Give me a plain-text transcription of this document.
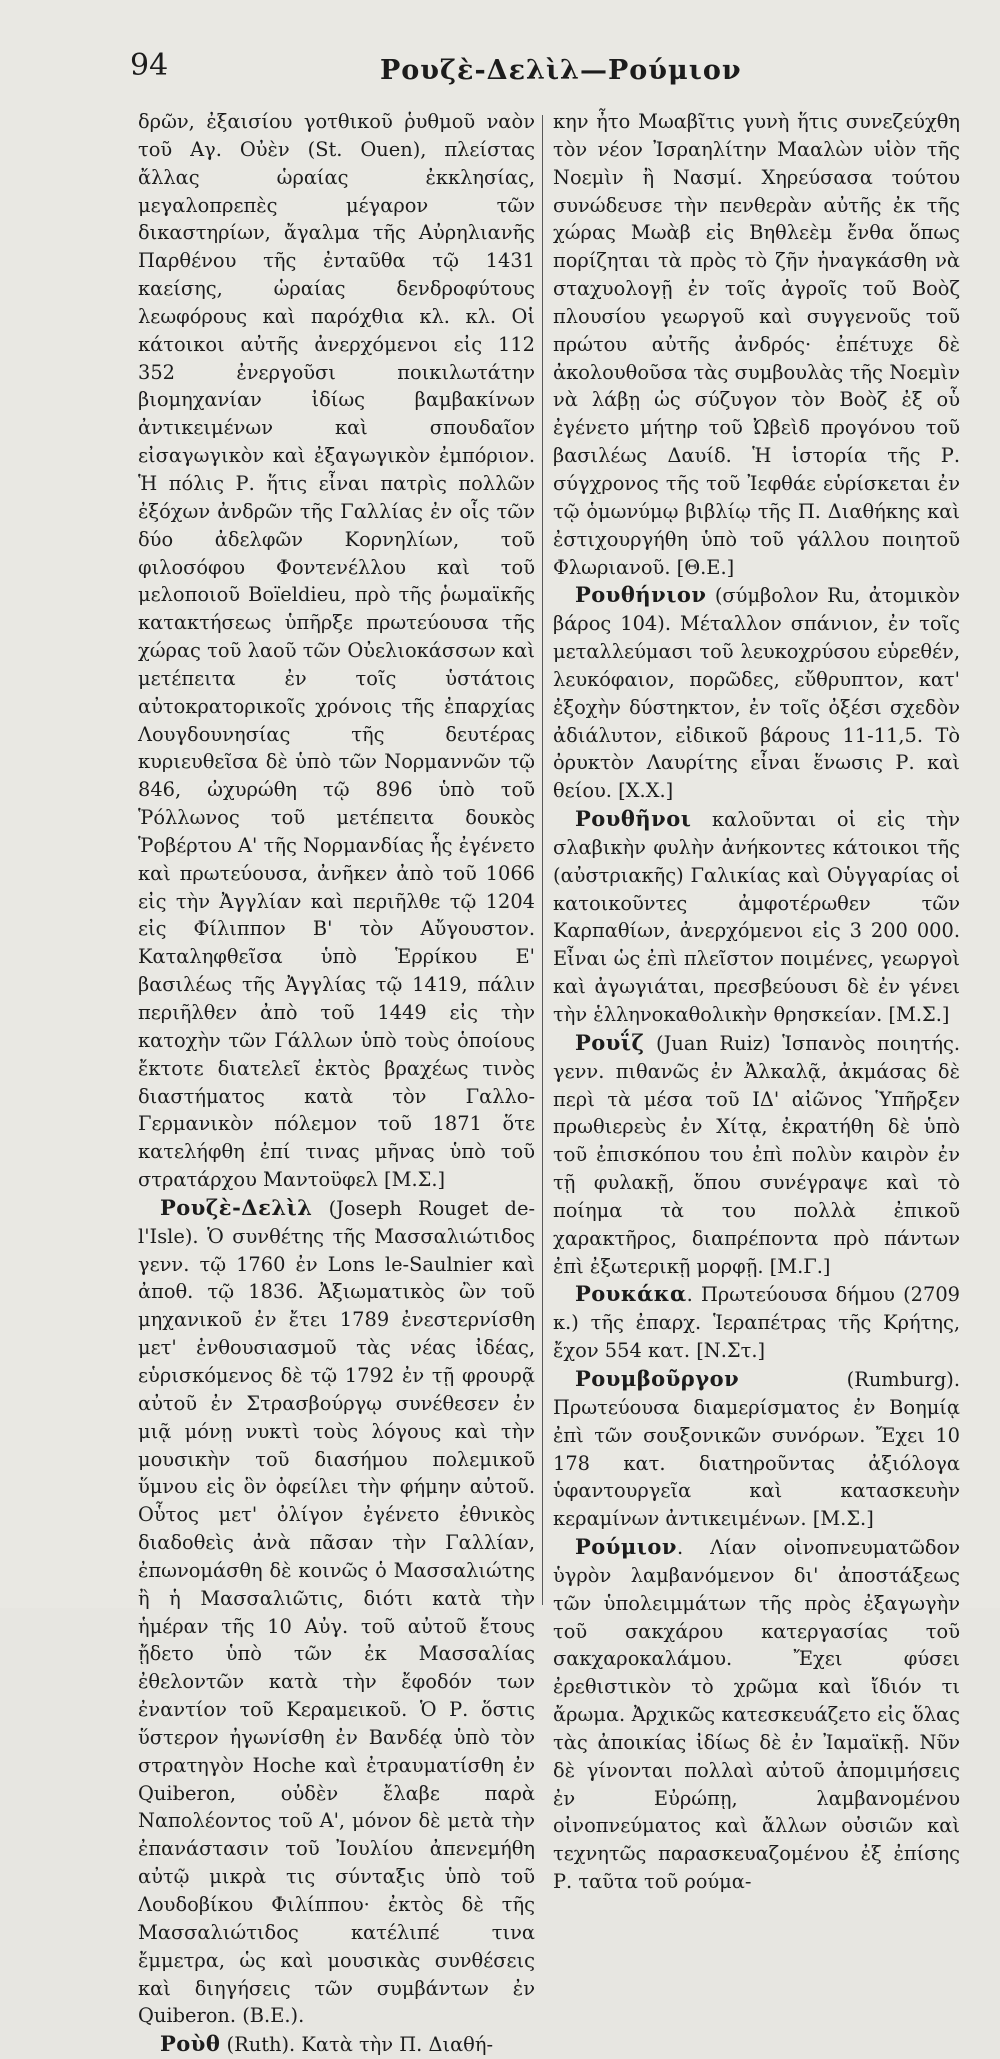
94	Ρουζὲ-Δελὶλ—Ρούμιον

δρῶν, ἐξαισίου γοτθικοῦ ῥυθμοῦ ναὸν τοῦ Αγ. Οὐὲν (St. Ouen), πλείστας ἄλλας ὡραίας ἐκκλησίας, μεγαλοπρεπὲς μέγαρον τῶν δικαστηρίων, ἄγαλμα τῆς Αὐρηλιανῆς Παρθένου τῆς ἐνταῦθα τῷ 1431 καείσης, ὡραίας δενδροφύτους λεωφόρους καὶ παρόχθια κλ. κλ. Οἱ κάτοικοι αὐτῆς ἀνερχόμενοι εἰς 112 352 ἐνεργοῦσι ποικιλωτάτην βιομηχανίαν ἰδίως βαμβακίνων ἀντικειμένων καὶ σπουδαῖον εἰσαγωγικὸν καὶ ἐξαγωγικὸν ἐμπόριον. Ἡ πόλις Ρ. ἥτις εἶναι πατρὶς πολλῶν ἐξόχων ἀνδρῶν τῆς Γαλλίας ἐν οἷς τῶν δύο ἀδελφῶν Κορνηλίων, τοῦ φιλοσόφου Φοντενέλλου καὶ τοῦ μελοποιοῦ Boïeldieu, πρὸ τῆς ῥωμαϊκῆς κατακτήσεως ὑπῆρξε πρωτεύουσα τῆς χώρας τοῦ λαοῦ τῶν Οὐελιοκάσσων καὶ μετέπειτα ἐν τοῖς ὑστάτοις αὐτοκρατορικοῖς χρόνοις τῆς ἐπαρχίας Λουγδουνησίας τῆς δευτέρας κυριευθεῖσα δὲ ὑπὸ τῶν Νορμαννῶν τῷ 846, ὠχυρώθη τῷ 896 ὑπὸ τοῦ Ῥόλλωνος τοῦ μετέπειτα δουκὸς Ῥοβέρτου Α' τῆς Νορμανδίας ἧς ἐγένετο καὶ πρωτεύουσα, ἀνῆκεν ἀπὸ τοῦ 1066 εἰς τὴν Ἀγγλίαν καὶ περιῆλθε τῷ 1204 εἰς Φίλιππον Β' τὸν Αὔγουστον. Καταληφθεῖσα ὑπὸ Ἑρρίκου Ε' βασιλέως τῆς Ἀγγλίας τῷ 1419, πάλιν περιῆλθεν ἀπὸ τοῦ 1449 εἰς τὴν κατοχὴν τῶν Γάλλων ὑπὸ τοὺς ὁποίους ἔκτοτε διατελεῖ ἐκτὸς βραχέως τινὸς διαστήματος κατὰ τὸν Γαλλο-Γερμανικὸν πόλεμον τοῦ 1871 ὅτε κατελήφθη ἐπί τινας μῆνας ὑπὸ τοῦ στρατάρχου Μαντοϋφελ [Μ.Σ.]

Ρουζὲ-Δελὶλ (Joseph Rouget de-l'Isle). Ὁ συνθέτης τῆς Μασσαλιώτιδος γενν. τῷ 1760 ἐν Lons le-Saulnier καὶ ἀποθ. τῷ 1836. Ἀξιωματικὸς ὢν τοῦ μηχανικοῦ ἐν ἔτει 1789 ἐνεστερνίσθη μετ' ἐνθουσιασμοῦ τὰς νέας ἰδέας, εὑρισκόμενος δὲ τῷ 1792 ἐν τῇ φρουρᾷ αὐτοῦ ἐν Στρασβούργῳ συνέθεσεν ἐν μιᾷ μόνῃ νυκτὶ τοὺς λόγους καὶ τὴν μουσικὴν τοῦ διασήμου πολεμικοῦ ὕμνου εἰς ὃν ὀφείλει τὴν φήμην αὐτοῦ. Οὗτος μετ' ὀλίγον ἐγένετο ἐθνικὸς διαδοθεὶς ἀνὰ πᾶσαν τὴν Γαλλίαν, ἐπωνομάσθη δὲ κοινῶς ὁ Μασσαλιώτης ἢ ἡ Μασσαλιῶτις, διότι κατὰ τὴν ἡμέραν τῆς 10 Αὐγ. τοῦ αὐτοῦ ἔτους ᾔδετο ὑπὸ τῶν ἐκ Μασσαλίας ἐθελοντῶν κατὰ τὴν ἔφοδόν των ἐναντίον τοῦ Κεραμεικοῦ. Ὁ Ρ. ὅστις ὕστερον ἠγωνίσθη ἐν Βανδέᾳ ὑπὸ τὸν στρατηγὸν Hoche καὶ ἐτραυματίσθη ἐν Quiberon, οὐδὲν ἔλαβε παρὰ Ναπολέοντος τοῦ Α', μόνον δὲ μετὰ τὴν ἐπανάστασιν τοῦ Ἰουλίου ἀπενεμήθη αὐτῷ μικρὰ τις σύνταξις ὑπὸ τοῦ Λουδοβίκου Φιλίππου· ἐκτὸς δὲ τῆς Μασσαλιώτιδος κατέλιπέ τινα ἔμμετρα, ὡς καὶ μουσικὰς συνθέσεις καὶ διηγήσεις τῶν συμβάντων ἐν Quiberon. (Β.Ε.).

Ροὺθ (Ruth). Κατὰ τὴν Π. Διαθή-

κην ἦτο Μωαβῖτις γυνὴ ἥτις συνεζεύχθη τὸν νέον Ἰσραηλίτην Μααλὼν υἱὸν τῆς Νοεμὶν ἢ Νασμί. Χηρεύσασα τούτου συνώδευσε τὴν πενθερὰν αὐτῆς ἐκ τῆς χώρας Μωὰβ εἰς Βηθλεὲμ ἔνθα ὅπως πορίζηται τὰ πρὸς τὸ ζῆν ἠναγκάσθη νὰ σταχυολογῇ ἐν τοῖς ἀγροῖς τοῦ Βοὸζ πλουσίου γεωργοῦ καὶ συγγενοῦς τοῦ πρώτου αὐτῆς ἀνδρός· ἐπέτυχε δὲ ἀκολουθοῦσα τὰς συμβουλὰς τῆς Νοεμὶν νὰ λάβῃ ὡς σύζυγον τὸν Βοὸζ ἐξ οὗ ἐγένετο μήτηρ τοῦ Ὠβεὶδ προγόνου τοῦ βασιλέως Δαυίδ. Ἡ ἱστορία τῆς Ρ. σύγχρονος τῆς τοῦ Ἰεφθάε εὑρίσκεται ἐν τῷ ὁμωνύμῳ βιβλίῳ τῆς Π. Διαθήκης καὶ ἐστιχουργήθη ὑπὸ τοῦ γάλλου ποιητοῦ Φλωριανοῦ. [Θ.Ε.]

Ρουθήνιον (σύμβολον Ru, ἀτομικὸν βάρος 104). Μέταλλον σπάνιον, ἐν τοῖς μεταλλεύμασι τοῦ λευκοχρύσου εὑρεθέν, λευκόφαιον, πορῶδες, εὔθρυπτον, κατ' ἐξοχὴν δύστηκτον, ἐν τοῖς ὀξέσι σχεδὸν ἀδιάλυτον, εἰδικοῦ βάρους 11-11,5. Τὸ ὀρυκτὸν Λαυρίτης εἶναι ἕνωσις Ρ. καὶ θείου. [Χ.Χ.]

Ρουθῆνοι καλοῦνται οἱ εἰς τὴν σλαβικὴν φυλὴν ἀνήκοντες κάτοικοι τῆς (αὐστριακῆς) Γαλικίας καὶ Οὑγγαρίας οἱ κατοικοῦντες ἀμφοτέρωθεν τῶν Καρπαθίων, ἀνερχόμενοι εἰς 3 200 000. Εἶναι ὡς ἐπὶ πλεῖστον ποιμένες, γεωργοὶ καὶ ἀγωγιάται, πρεσβεύουσι δὲ ἐν γένει τὴν ἑλληνοκαθολικὴν θρησκείαν. [Μ.Σ.]

Ρουΐζ (Juan Ruiz) Ἱσπανὸς ποιητής. γενν. πιθανῶς ἐν Ἀλκαλᾷ, ἀκμάσας δὲ περὶ τὰ μέσα τοῦ ΙΔ' αἰῶνος Ὑπῆρξεν πρωθιερεὺς ἐν Χίτᾳ, ἐκρατήθη δὲ ὑπὸ τοῦ ἐπισκόπου του ἐπὶ πολὺν καιρὸν ἐν τῇ φυλακῇ, ὅπου συνέγραψε καὶ τὸ ποίημα τὰ του πολλὰ ἐπικοῦ χαρακτῆρος, διαπρέποντα πρὸ πάντων ἐπὶ ἐξωτερικῇ μορφῇ. [Μ.Γ.]

Ρουκάκα. Πρωτεύουσα δήμου (2709 κ.) τῆς ἐπαρχ. Ἱεραπέτρας τῆς Κρήτης, ἔχον 554 κατ. [Ν.Στ.]

Ρουμβοῦργον (Rumburg). Πρωτεύουσα διαμερίσματος ἐν Βοημίᾳ ἐπὶ τῶν σουξονικῶν συνόρων. Ἔχει 10 178 κατ. διατηροῦντας ἀξιόλογα ὑφαντουργεῖα καὶ κατασκευὴν κεραμίνων ἀντικειμένων. [Μ.Σ.]

Ρούμιον. Λίαν οἰνοπνευματῶδον ὑγρὸν λαμβανόμενον δι' ἀποστάξεως τῶν ὑπολειμμάτων τῆς πρὸς ἐξαγωγὴν τοῦ σακχάρου κατεργασίας τοῦ σακχαροκαλάμου. Ἔχει φύσει ἐρεθιστικὸν τὸ χρῶμα καὶ ἴδιόν τι ἄρωμα. Ἀρχικῶς κατεσκευάζετο εἰς ὅλας τὰς ἀποικίας ἰδίως δὲ ἐν Ἰαμαϊκῇ. Νῦν δὲ γίνονται πολλαὶ αὐτοῦ ἀπομιμήσεις ἐν Εὐρώπῃ, λαμβανομένου οἰνοπνεύματος καὶ ἄλλων οὐσιῶν καὶ τεχνητῶς παρασκευαζομένου ἐξ ἐπίσης Ρ. ταῦτα τοῦ ρούμα-
